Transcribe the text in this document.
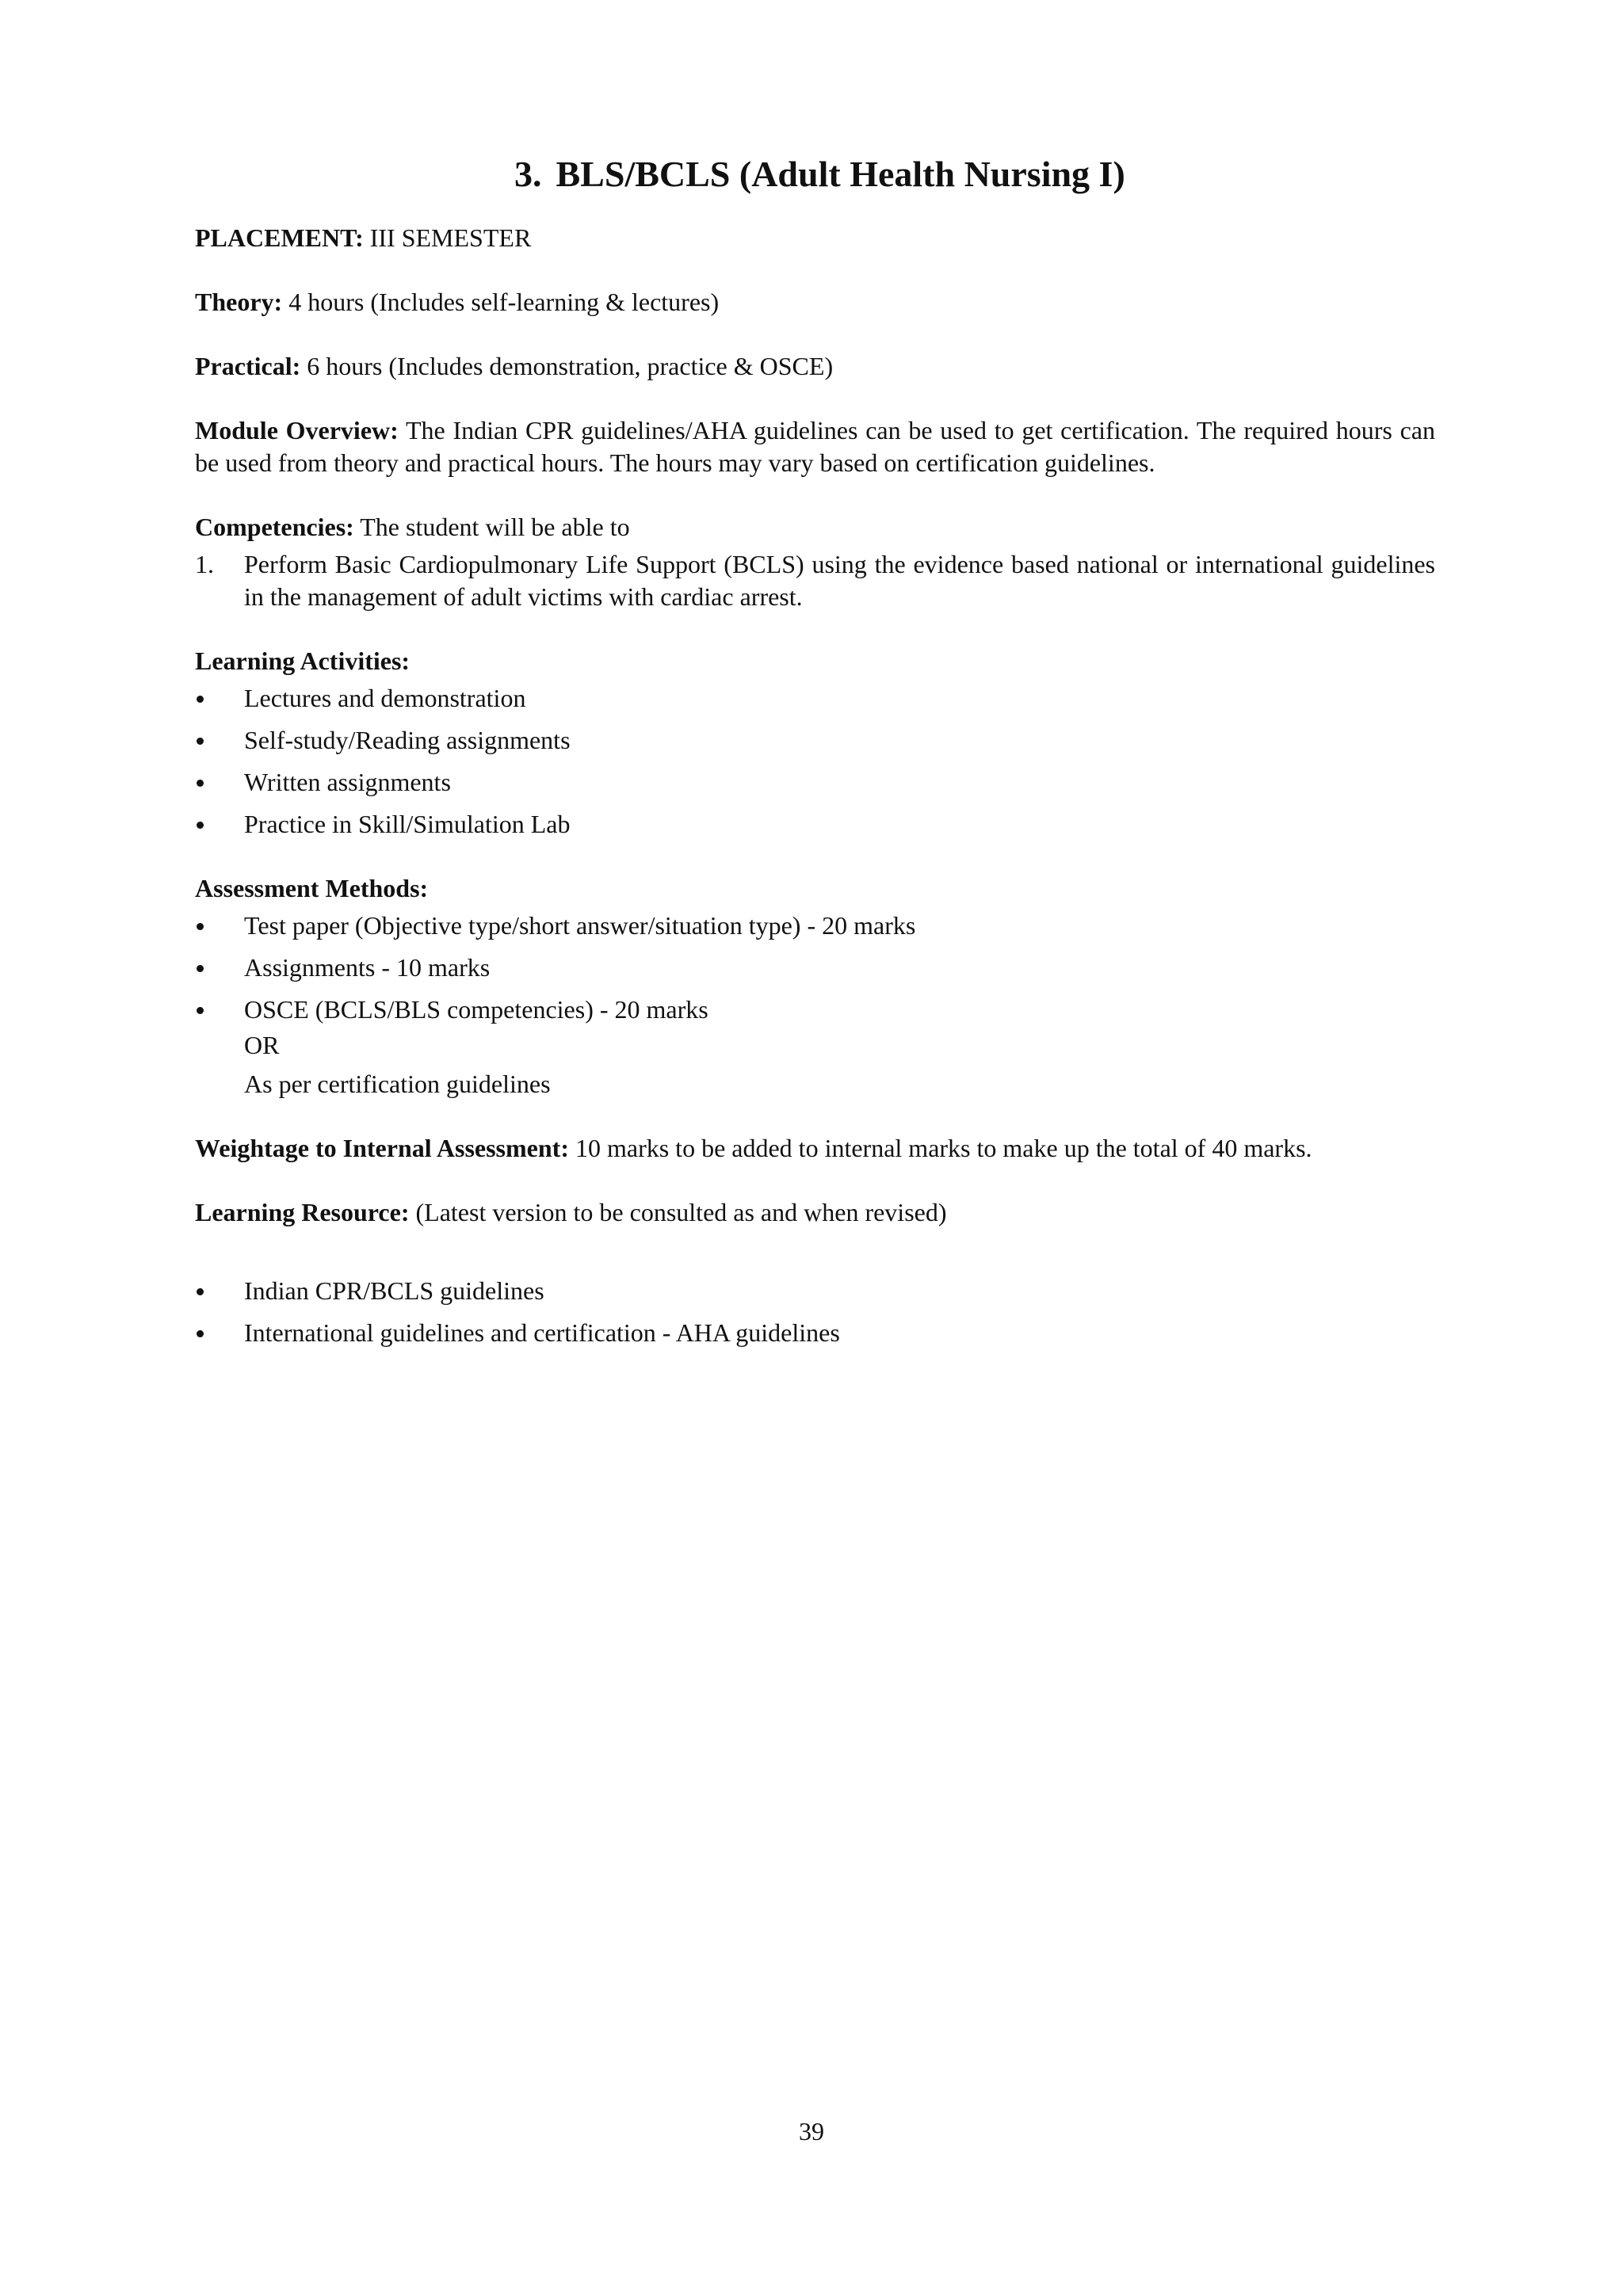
3. BLS/BCLS (Adult Health Nursing I)

PLACEMENT: III SEMESTER

Theory: 4 hours (Includes self-learning & lectures)

Practical: 6 hours (Includes demonstration, practice & OSCE)

Module Overview: The Indian CPR guidelines/AHA guidelines can be used to get certification. The required hours can be used from theory and practical hours. The hours may vary based on certification guidelines.

Competencies: The student will be able to

1. Perform Basic Cardiopulmonary Life Support (BCLS) using the evidence based national or international guidelines in the management of adult victims with cardiac arrest.

Learning Activities:

Lectures and demonstration
Self-study/Reading assignments
Written assignments
Practice in Skill/Simulation Lab

Assessment Methods:

Test paper (Objective type/short answer/situation type) - 20 marks
Assignments - 10 marks
OSCE (BCLS/BLS competencies) - 20 marks

OR

As per certification guidelines

Weightage to Internal Assessment: 10 marks to be added to internal marks to make up the total of 40 marks.

Learning Resource: (Latest version to be consulted as and when revised)

Indian CPR/BCLS guidelines
International guidelines and certification - AHA guidelines
39
